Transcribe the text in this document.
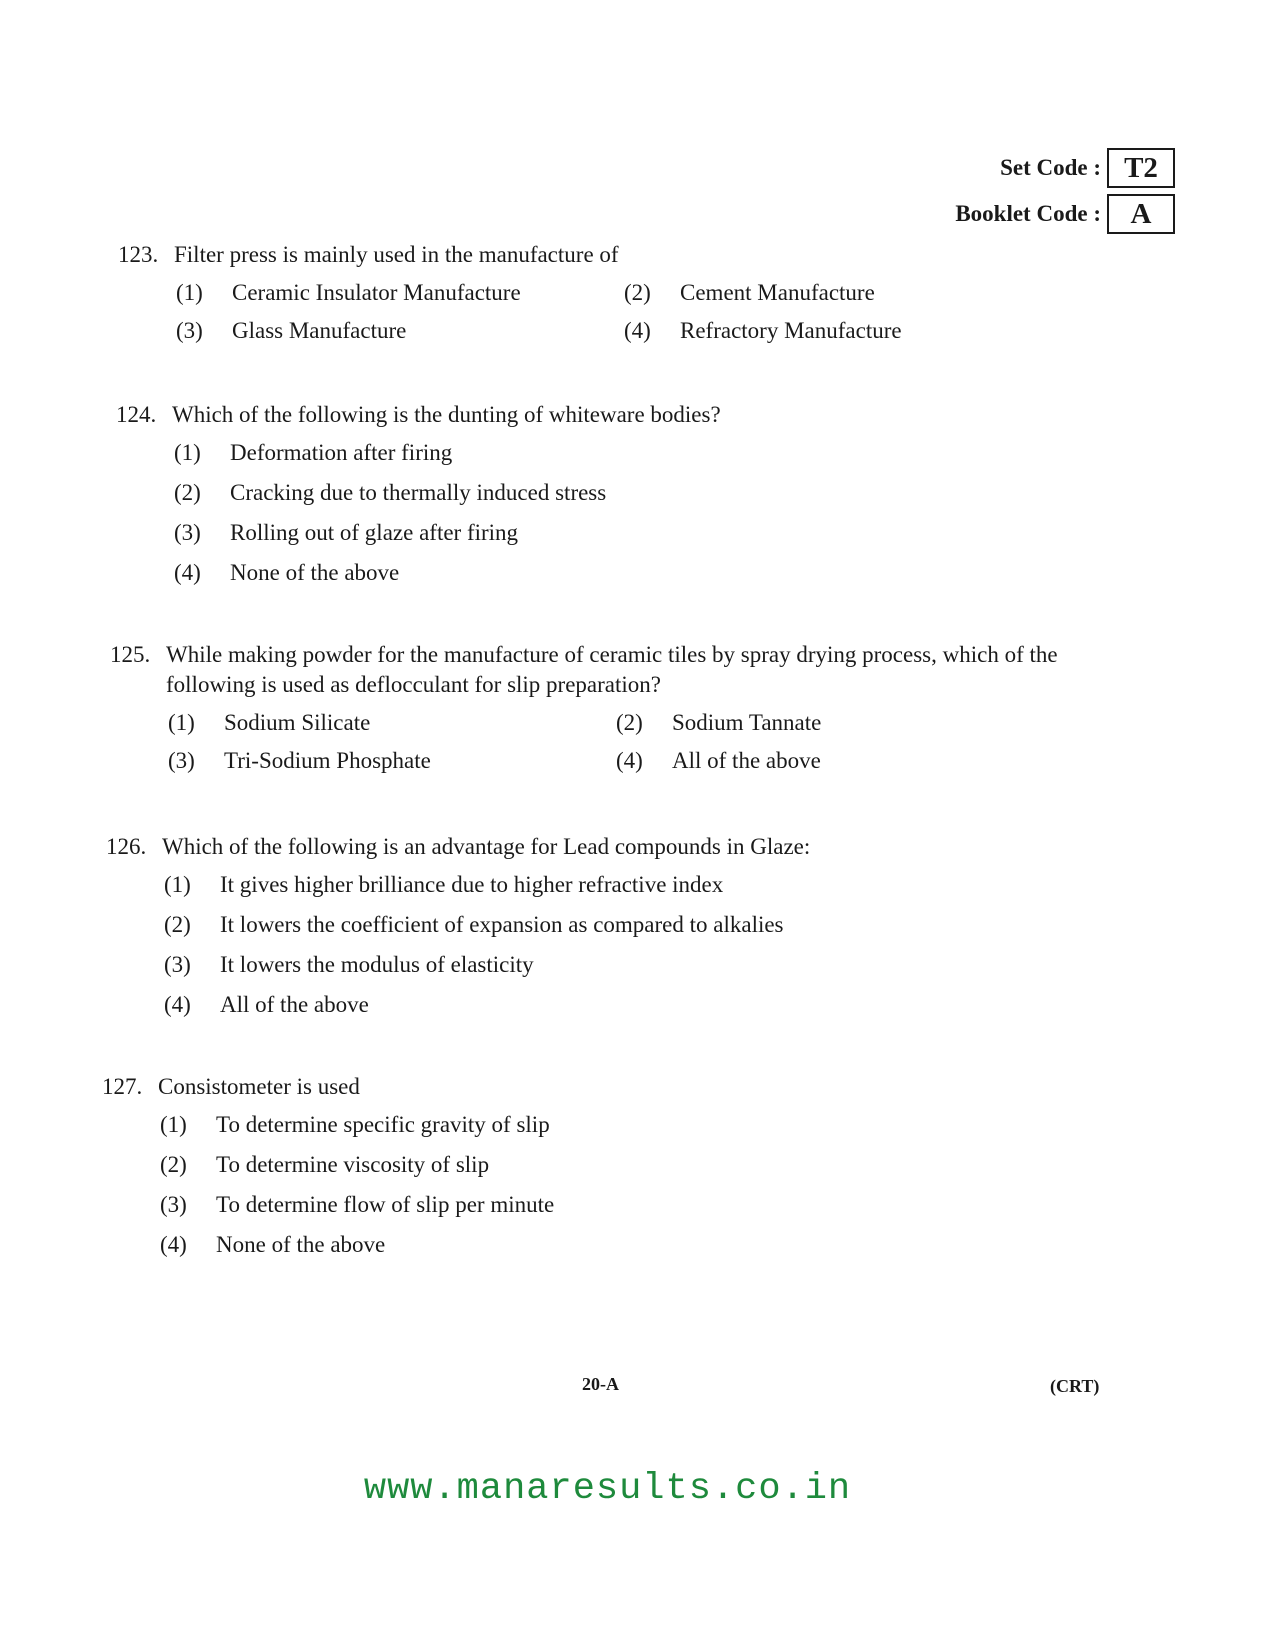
Set Code : T2
Booklet Code :	A
123. Filter press is mainly used in the manufacture of
(1)	Ceramic Insulator Manufacture	(2)	Cement Manufacture
(3)	Glass Manufacture	(4)	Refractory Manufacture
124. Which of the following is the dunting of whiteware bodies?
(1)	Deformation after firing
(2)	Cracking due to thermally induced stress
(3)	Rolling out of glaze after firing
(4)	None of the above
125. While making powder for the manufacture of ceramic tiles by spray drying process, which of the following is used as deflocculant for slip preparation?
(1)	Sodium Silicate	(2)	Sodium Tannate
(3)	Tri-Sodium Phosphate	(4)	All of the above
126. Which of the following is an advantage for Lead compounds in Glaze:
(1)	It gives higher brilliance due to higher refractive index
(2)	It lowers the coefficient of expansion as compared to alkalies
(3)	It lowers the modulus of elasticity
(4)	All of the above
127. Consistometer is used
(1)	To determine specific gravity of slip
(2)	To determine viscosity of slip
(3)	To determine flow of slip per minute
(4)	None of the above
20-A	(CRT)
www.manaresults.co.in
